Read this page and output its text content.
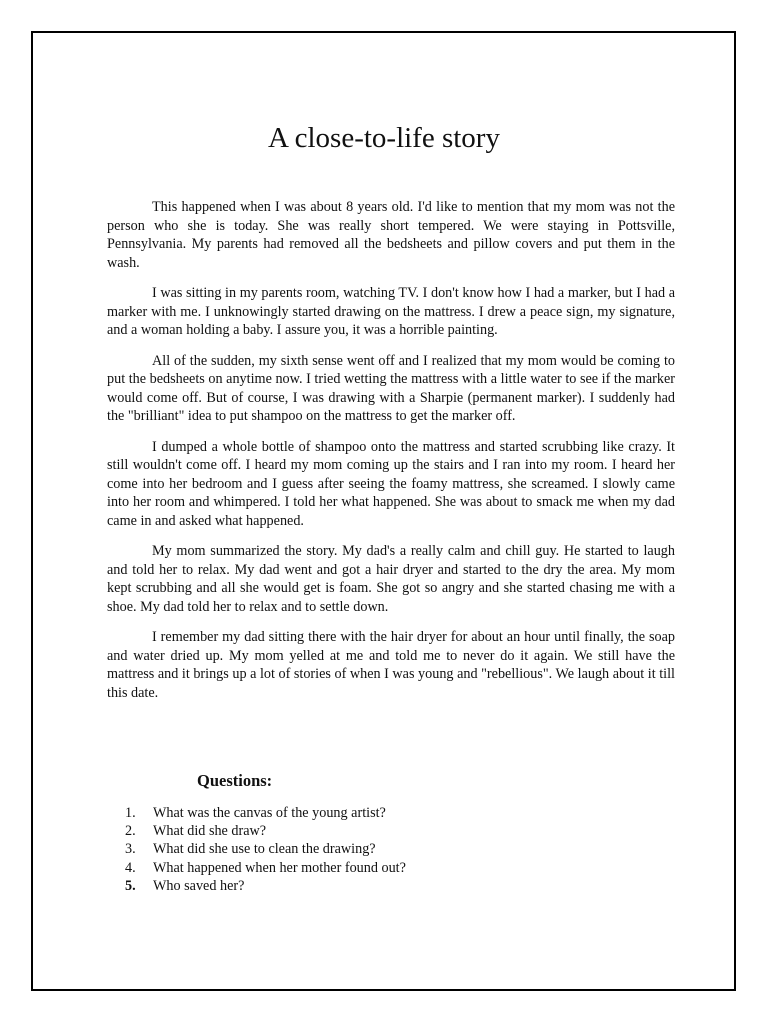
A close-to-life story

This happened when I was about 8 years old. I'd like to mention that my mom was not the person who she is today. She was really short tempered. We were staying in Pottsville, Pennsylvania. My parents had removed all the bedsheets and pillow covers and put them in the wash.

I was sitting in my parents room, watching TV. I don't know how I had a marker, but I had a marker with me. I unknowingly started drawing on the mattress. I drew a peace sign, my signature, and a woman holding a baby. I assure you, it was a horrible painting.

All of the sudden, my sixth sense went off and I realized that my mom would be coming to put the bedsheets on anytime now. I tried wetting the mattress with a little water to see if the marker would come off. But of course, I was drawing with a Sharpie (permanent marker). I suddenly had the "brilliant" idea to put shampoo on the mattress to get the marker off.

I dumped a whole bottle of shampoo onto the mattress and started scrubbing like crazy. It still wouldn't come off. I heard my mom coming up the stairs and I ran into my room. I heard her come into her bedroom and I guess after seeing the foamy mattress, she screamed. I slowly came into her room and whimpered. I told her what happened. She was about to smack me when my dad came in and asked what happened.

My mom summarized the story. My dad's a really calm and chill guy. He started to laugh and told her to relax. My dad went and got a hair dryer and started to the dry the area. My mom kept scrubbing and all she would get is foam. She got so angry and she started chasing me with a shoe. My dad told her to relax and to settle down.

I remember my dad sitting there with the hair dryer for about an hour until finally, the soap and water dried up. My mom yelled at me and told me to never do it again. We still have the mattress and it brings up a lot of stories of when I was young and "rebellious". We laugh about it till this date.

Questions:
1. What was the canvas of the young artist?
2. What did she draw?
3. What did she use to clean the drawing?
4. What happened when her mother found out?
5. Who saved her?
